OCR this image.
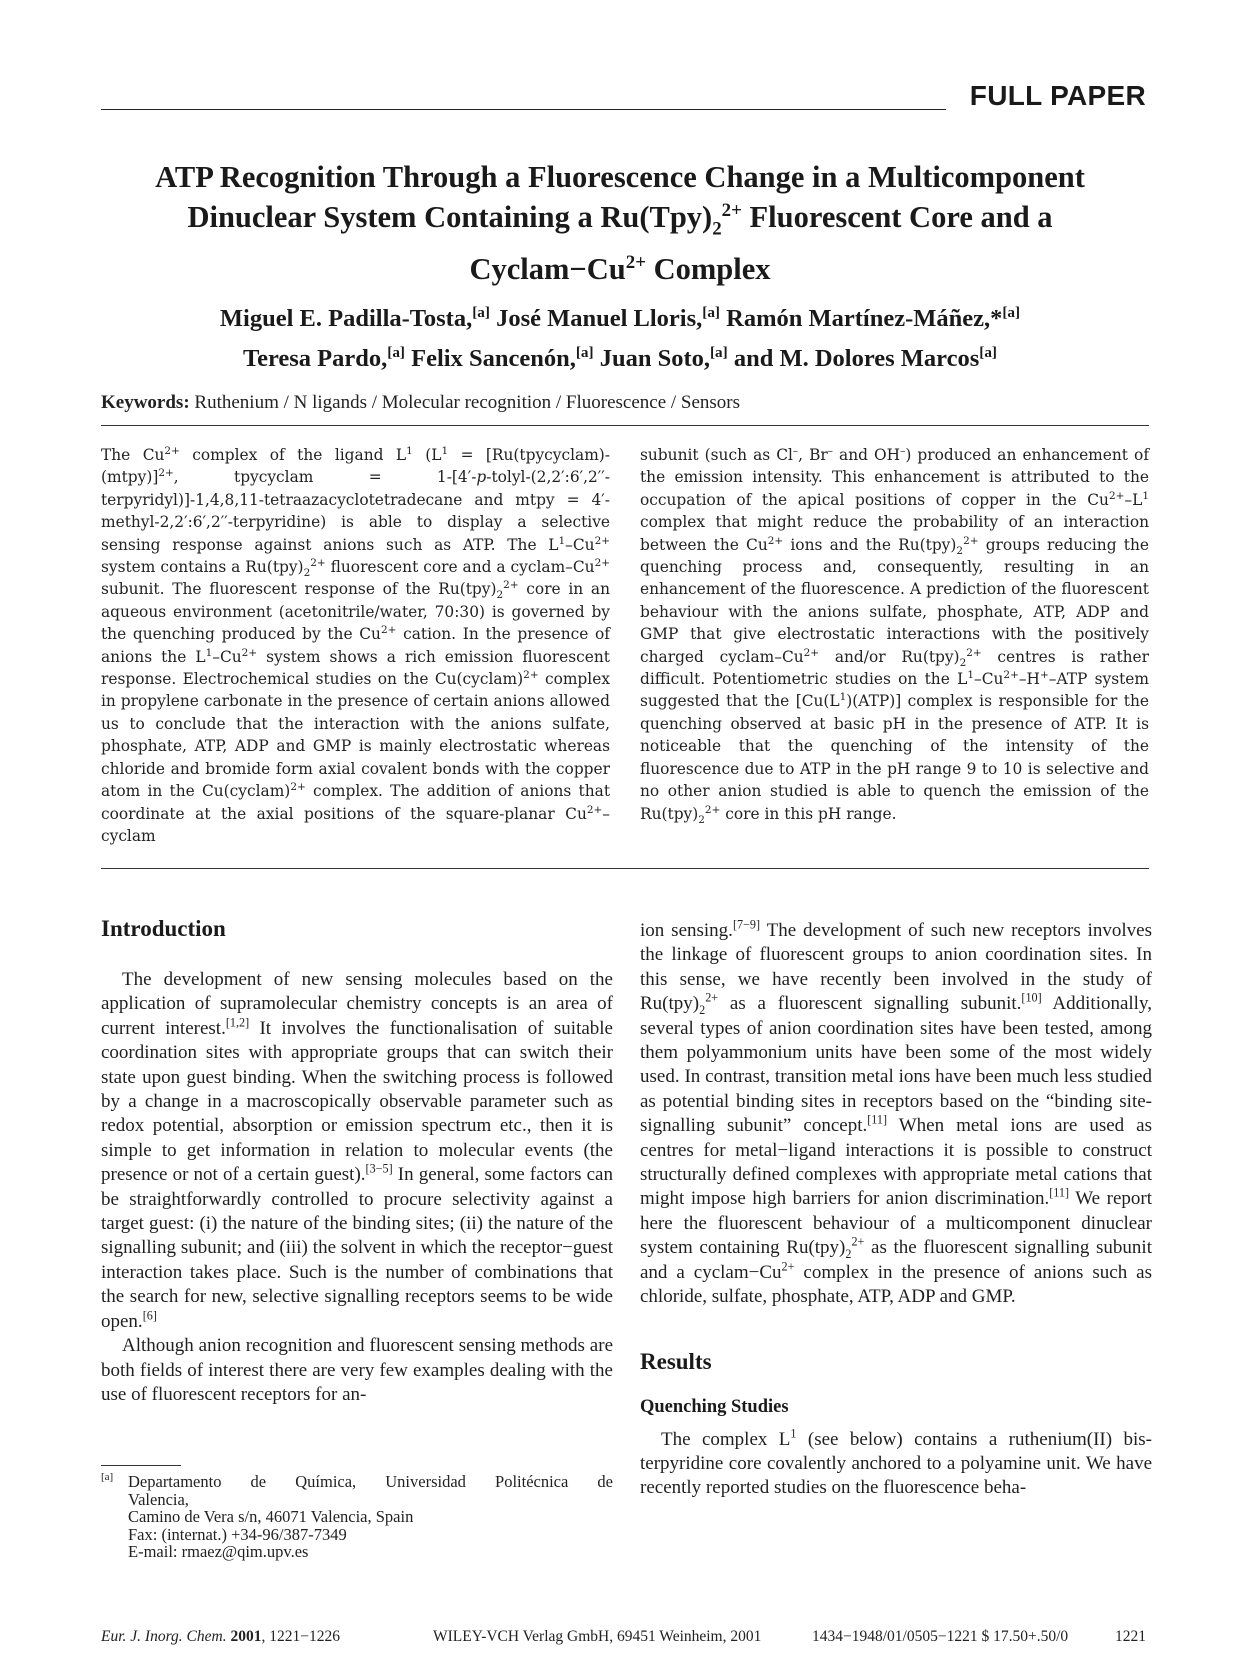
FULL PAPER
ATP Recognition Through a Fluorescence Change in a Multicomponent
Dinuclear System Containing a $Ru(Tpy)_2^{2+}$ Fluorescent Core and a
$Cyclam-Cu^{2+}$ Complex
Miguel E. Padilla-Tosta,[a] José Manuel Lloris,[a] Ramón Martínez-Máñez,*[a]
Teresa Pardo,[a] Felix Sancenón,[a] Juan Soto,[a] and M. Dolores Marcos[a]
Keywords: Ruthenium / N ligands / Molecular recognition / Fluorescence / Sensors
The $Cu^{2+}$ complex of the ligand $L^1$ ($L^1$ = [Ru(tpycyclam)-(mtpy)]$^{2+}$, tpycyclam = 1-[4′-p-tolyl-(2,2′:6′,2′′-terpyridyl)]-1,4,8,11-tetraazacyclotetradecane and mtpy = 4′-methyl-2,2′:6′,2′′-terpyridine) is able to display a selective sensing response against anions such as ATP. The $L^1-Cu^{2+}$ system contains a $Ru(tpy)_2^{2+}$ fluorescent core and a cyclam–$Cu^{2+}$ subunit. The fluorescent response of the $Ru(tpy)_2^{2+}$ core in an aqueous environment (acetonitrile/water, 70:30) is governed by the quenching produced by the $Cu^{2+}$ cation. In the presence of anions the $L^1-Cu^{2+}$ system shows a rich emission fluorescent response. Electrochemical studies on the Cu(cyclam)$^{2+}$ complex in propylene carbonate in the presence of certain anions allowed us to conclude that the interaction with the anions sulfate, phosphate, ATP, ADP and GMP is mainly electrostatic whereas chloride and bromide form axial covalent bonds with the copper atom in the Cu(cyclam)$^{2+}$ complex. The addition of anions that coordinate at the axial positions of the square-planar $Cu^{2+}$–cyclam
subunit (such as Cl–, Br– and OH–) produced an enhancement of the emission intensity. This enhancement is attributed to the occupation of the apical positions of copper in the $Cu^{2+}-L^1$ complex that might reduce the probability of an interaction between the $Cu^{2+}$ ions and the $Ru(tpy)_2^{2+}$ groups reducing the quenching process and, consequently, resulting in an enhancement of the fluorescence. A prediction of the fluorescent behaviour with the anions sulfate, phosphate, ATP, ADP and GMP that give electrostatic interactions with the positively charged cyclam–$Cu^{2+}$ and/or $Ru(tpy)_2^{2+}$ centres is rather difficult. Potentiometric studies on the $L^1-Cu^{2+}-H^+$–ATP system suggested that the $[Cu(L^1)(ATP)]$ complex is responsible for the quenching observed at basic pH in the presence of ATP. It is noticeable that the quenching of the intensity of the fluorescence due to ATP in the pH range 9 to 10 is selective and no other anion studied is able to quench the emission of the $Ru(tpy)_2^{2+}$ core in this pH range.
Introduction

The development of new sensing molecules based on the application of supramolecular chemistry concepts is an area of current interest.[1,2] It involves the functionalisation of suitable coordination sites with appropriate groups that can switch their state upon guest binding. When the switching process is followed by a change in a macroscopically observable parameter such as redox potential, absorption or emission spectrum etc., then it is simple to get information in relation to molecular events (the presence or not of a certain guest).[3−5] In general, some factors can be straightforwardly controlled to procure selectivity against a target guest: (i) the nature of the binding sites; (ii) the nature of the signalling subunit; and (iii) the solvent in which the receptor−guest interaction takes place. Such is the number of combinations that the search for new, selective signalling receptors seems to be wide open.[6]

Although anion recognition and fluorescent sensing methods are both fields of interest there are very few examples dealing with the use of fluorescent receptors for an-

ion sensing.[7−9] The development of such new receptors involves the linkage of fluorescent groups to anion coordination sites. In this sense, we have recently been involved in the study of $Ru(tpy)_2^{2+}$ as a fluorescent signalling subunit.[10] Additionally, several types of anion coordination sites have been tested, among them polyammonium units have been some of the most widely used. In contrast, transition metal ions have been much less studied as potential binding sites in receptors based on the “binding site-signalling subunit” concept.[11] When metal ions are used as centres for metal−ligand interactions it is possible to construct structurally defined complexes with appropriate metal cations that might impose high barriers for anion discrimination.[11] We report here the fluorescent behaviour of a multicomponent dinuclear system containing $Ru(tpy)_2^{2+}$ as the fluorescent signalling subunit and a $cyclam-Cu^{2+}$ complex in the presence of anions such as chloride, sulfate, phosphate, ATP, ADP and GMP.

Results
Quenching Studies

The complex $L^1$ (see below) contains a ruthenium(II) bis-terpyridine core covalently anchored to a polyamine unit. We have recently reported studies on the fluorescence beha-

[a] Departamento de Química, Universidad Politécnica de
Valencia,
Camino de Vera s/n, 46071 Valencia, Spain
Fax: (internat.) +34-96/387-7349
E-mail: rmaez@qim.upv.es
Eur. J. Inorg. Chem. 2001, 1221−1226	WILEY-VCH Verlag GmbH, 69451 Weinheim, 2001	1434−1948/01/0505−1221 $ 17.50+.50/0	1221
